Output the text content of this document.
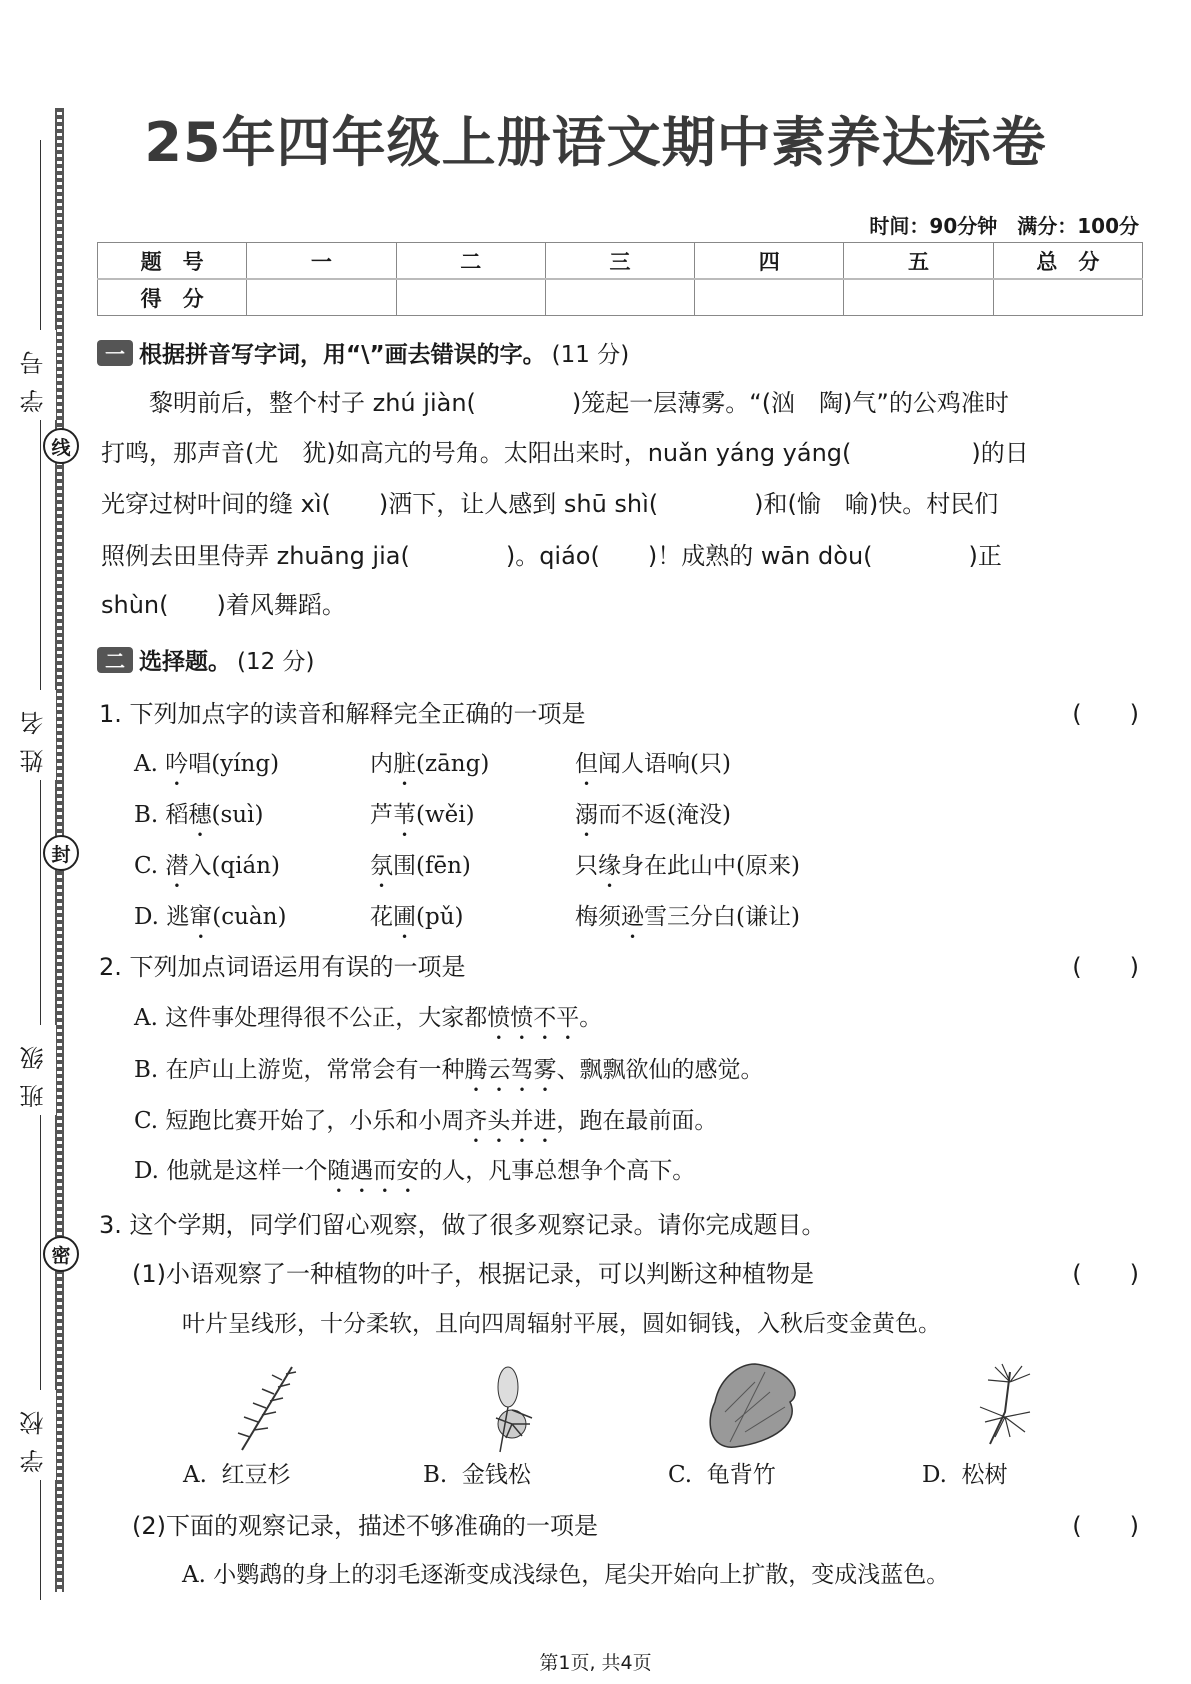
学号
线
姓名
封
班级
密
学校
25年四年级上册语文期中素养达标卷
时间：90分钟　满分：100分
题　号	一	二	三	四	五	总　分
得　分						
一 根据拼音写字词，用“\”画去错误的字。 (11 分)
　　黎明前后，整个村子 zhú jiàn(　　　　)笼起一层薄雾。“(汹　陶)气”的公鸡准时
打鸣，那声音(尤　犹)如高亢的号角。太阳出来时，nuǎn yáng yáng(　　　　　)的日
光穿过树叶间的缝 xì(　　)洒下，让人感到 shū shì(　　　　)和(愉　喻)快。村民们
照例去田里侍弄 zhuāng jia(　　　　)。qiáo(　　)！成熟的 wān dòu(　　　　)正
shùn(　　)着风舞蹈。
二 选择题。 (12 分)
1. 下列加点字的读音和解释完全正确的一项是	(　　)
A. 吟唱(yíng)	内脏(zāng)	但闻人语响(只)
B. 稻穗(suì)	芦苇(wěi)	溺而不返(淹没)
C. 潜入(qián)	氛围(fēn)	只缘身在此山中(原来)
D. 逃窜(cuàn)	花圃(pǔ)	梅须逊雪三分白(谦让)
2. 下列加点词语运用有误的一项是	(　　)
A. 这件事处理得很不公正，大家都愤愤不平。
B. 在庐山上游览，常常会有一种腾云驾雾、飘飘欲仙的感觉。
C. 短跑比赛开始了，小乐和小周齐头并进，跑在最前面。
D. 他就是这样一个随遇而安的人，凡事总想争个高下。
3. 这个学期，同学们留心观察，做了很多观察记录。请你完成题目。
(1)小语观察了一种植物的叶子，根据记录，可以判断这种植物是	(　　)
叶片呈线形，十分柔软，且向四周辐射平展，圆如铜钱，入秋后变金黄色。
A.  红豆杉	B.  金钱松	C.  龟背竹	D.  松树
(2)下面的观察记录，描述不够准确的一项是	(　　)
A. 小鹦鹉的身上的羽毛逐渐变成浅绿色，尾尖开始向上扩散，变成浅蓝色。
第1页, 共4页
